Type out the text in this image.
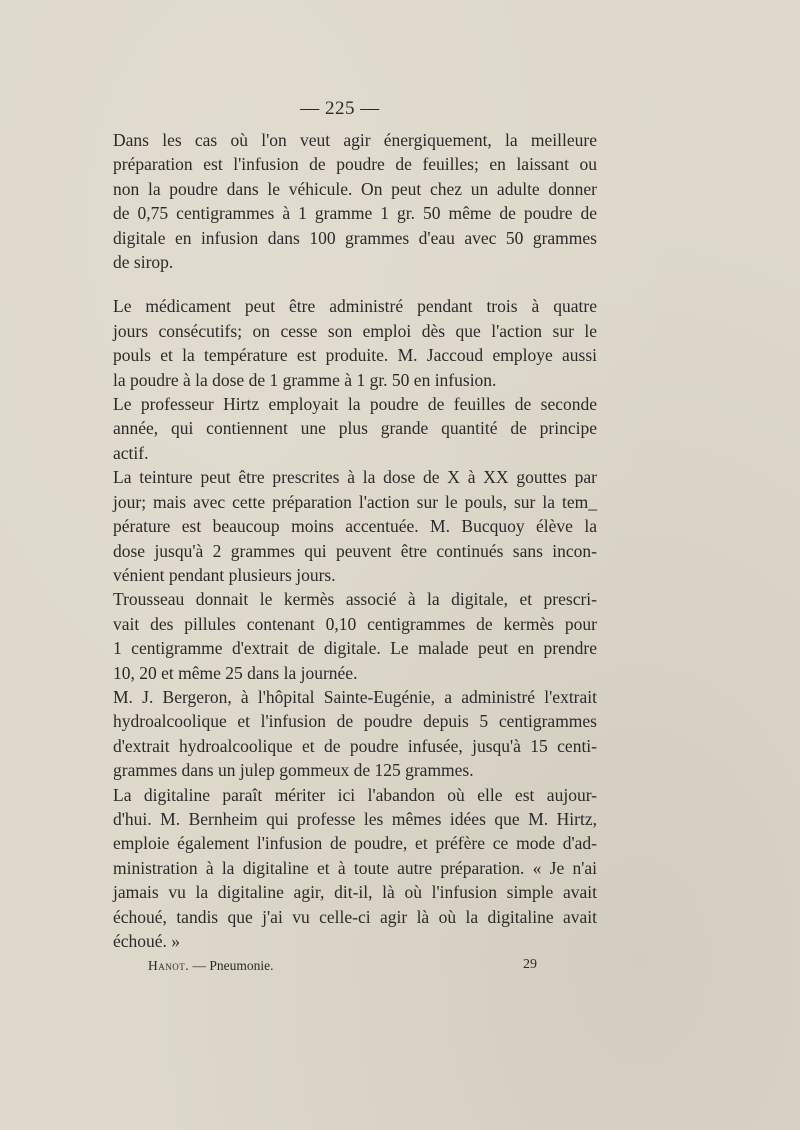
— 225 —

Dans les cas où l'on veut agir énergiquement, la meilleure
préparation est l'infusion de poudre de feuilles; en laissant ou
non la poudre dans le véhicule. On peut chez un adulte donner
de 0,75 centigrammes à 1 gramme 1 gr. 50 même de poudre de
digitale en infusion dans 100 grammes d'eau avec 50 grammes
de sirop.

Le médicament peut être administré pendant trois à quatre
jours consécutifs; on cesse son emploi dès que l'action sur le
pouls et la température est produite. M. Jaccoud employe aussi
la poudre à la dose de 1 gramme à 1 gr. 50 en infusion.

Le professeur Hirtz employait la poudre de feuilles de seconde
année, qui contiennent une plus grande quantité de principe
actif.

La teinture peut être prescrites à la dose de X à XX gouttes par
jour; mais avec cette préparation l'action sur le pouls, sur la tem_
pérature est beaucoup moins accentuée. M. Bucquoy élève la
dose jusqu'à 2 grammes qui peuvent être continués sans incon-
vénient pendant plusieurs jours.

Trousseau donnait le kermès associé à la digitale, et prescri-
vait des pillules contenant 0,10 centigrammes de kermès pour
1 centigramme d'extrait de digitale. Le malade peut en prendre
10, 20 et même 25 dans la journée.

M. J. Bergeron, à l'hôpital Sainte-Eugénie, a administré l'extrait
hydroalcoolique et l'infusion de poudre depuis 5 centigrammes
d'extrait hydroalcoolique et de poudre infusée, jusqu'à 15 centi-
grammes dans un julep gommeux de 125 grammes.

La digitaline paraît mériter ici l'abandon où elle est aujour-
d'hui. M. Bernheim qui professe les mêmes idées que M. Hirtz,
emploie également l'infusion de poudre, et préfère ce mode d'ad-
ministration à la digitaline et à toute autre préparation. « Je n'ai
jamais vu la digitaline agir, dit-il, là où l'infusion simple avait
échoué, tandis que j'ai vu celle-ci agir là où la digitaline avait
échoué. »

Hanot. — Pneumonie.	29
